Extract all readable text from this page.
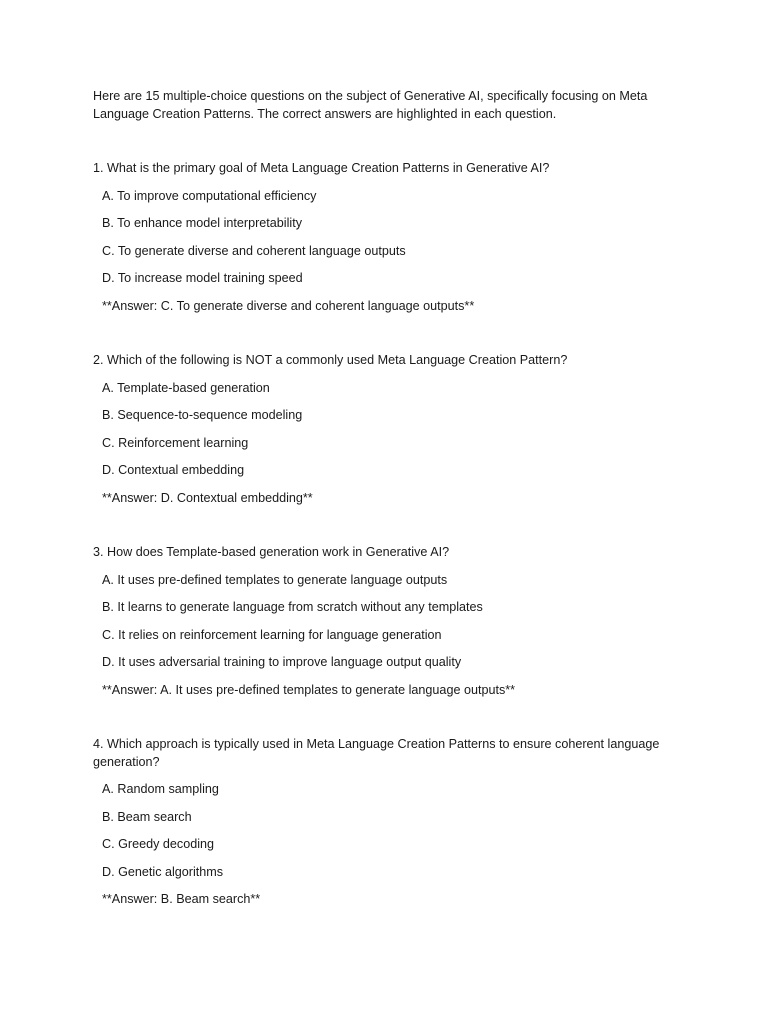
Here are 15 multiple-choice questions on the subject of Generative AI, specifically focusing on Meta Language Creation Patterns. The correct answers are highlighted in each question.

1. What is the primary goal of Meta Language Creation Patterns in Generative AI?

A. To improve computational efficiency

B. To enhance model interpretability

C. To generate diverse and coherent language outputs

D. To increase model training speed

**Answer: C. To generate diverse and coherent language outputs**

2. Which of the following is NOT a commonly used Meta Language Creation Pattern?

A. Template-based generation

B. Sequence-to-sequence modeling

C. Reinforcement learning

D. Contextual embedding

**Answer: D. Contextual embedding**

3. How does Template-based generation work in Generative AI?

A. It uses pre-defined templates to generate language outputs

B. It learns to generate language from scratch without any templates

C. It relies on reinforcement learning for language generation

D. It uses adversarial training to improve language output quality

**Answer: A. It uses pre-defined templates to generate language outputs**

4. Which approach is typically used in Meta Language Creation Patterns to ensure coherent language generation?

A. Random sampling

B. Beam search

C. Greedy decoding

D. Genetic algorithms

**Answer: B. Beam search**
